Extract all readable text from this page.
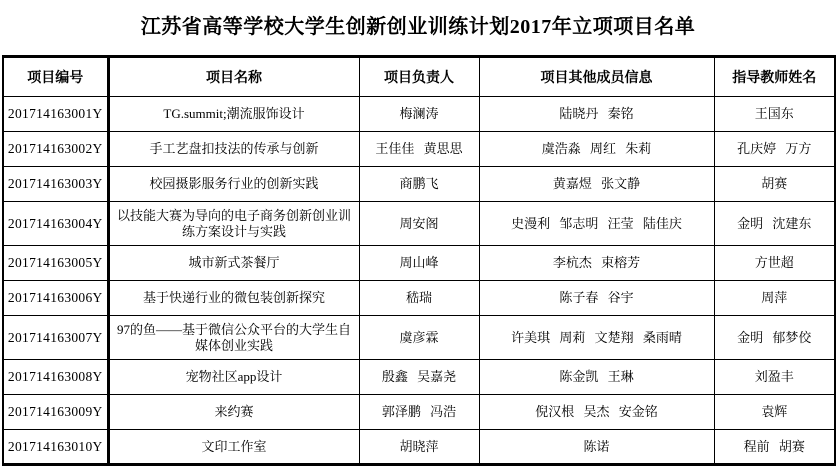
江苏省高等学校大学生创新创业训练计划2017年立项项目名单
项目编号	项目名称	项目负责人	项目其他成员信息	指导教师姓名
201714163001Y	TG.summit;潮流服饰设计	梅澜涛	陆晓丹 秦铭	王国东
201714163002Y	手工艺盘扣技法的传承与创新	王佳佳 黄思思	虞浩淼 周红 朱莉	孔庆婷 万方
201714163003Y	校园摄影服务行业的创新实践	商鹏飞	黄嘉煜 张文静	胡赛
201714163004Y	以技能大赛为导向的电子商务创新创业训练方案设计与实践	周安阁	史漫利 邹志明 汪莹 陆佳庆	金明 沈建东
201714163005Y	城市新式茶餐厅	周山峰	李杭杰 束榕芳	方世超
201714163006Y	基于快递行业的微包装创新探究	嵇瑞	陈子春 谷宇	周萍
201714163007Y	97的鱼——基于微信公众平台的大学生自媒体创业实践	虞彦霖	许美琪 周莉 文楚翔 桑雨晴	金明 郁梦佼
201714163008Y	宠物社区app设计	殷鑫 吴嘉尧	陈金凯 王琳	刘盈丰
201714163009Y	来约赛	郭泽鹏 冯浩	倪汉根 吴杰 安金铭	袁辉
201714163010Y	文印工作室	胡晓萍	陈诺	程前 胡赛
